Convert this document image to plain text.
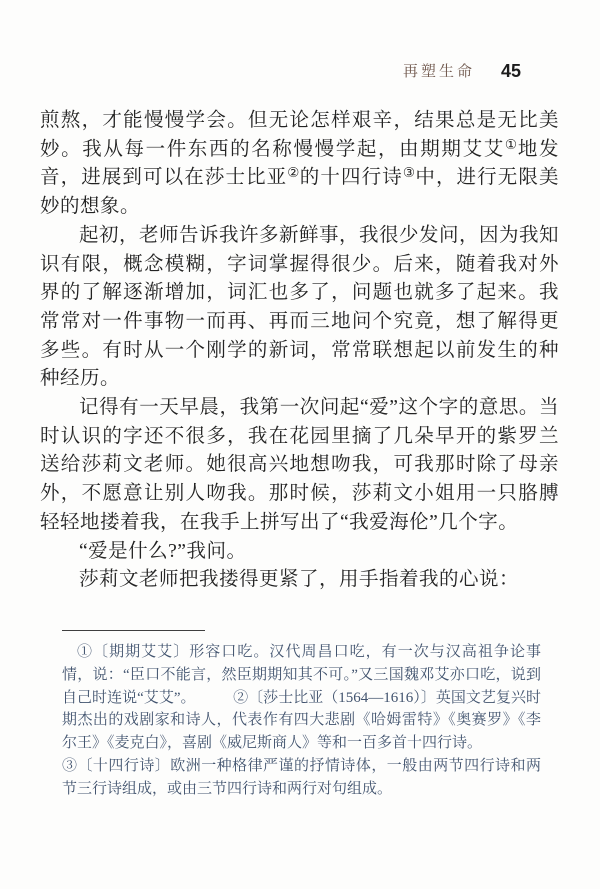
再塑生命 45

煎熬，才能慢慢学会。但无论怎样艰辛，结果总是无比美妙。我从每一件东西的名称慢慢学起，由期期艾艾①地发音，进展到可以在莎士比亚②的十四行诗③中，进行无限美妙的想象。

起初，老师告诉我许多新鲜事，我很少发问，因为我知识有限，概念模糊，字词掌握得很少。后来，随着我对外界的了解逐渐增加，词汇也多了，问题也就多了起来。我常常对一件事物一而再、再而三地问个究竟，想了解得更多些。有时从一个刚学的新词，常常联想起以前发生的种种经历。

记得有一天早晨，我第一次问起“爱”这个字的意思。当时认识的字还不很多，我在花园里摘了几朵早开的紫罗兰送给莎莉文老师。她很高兴地想吻我，可我那时除了母亲外，不愿意让别人吻我。那时候，莎莉文小姐用一只胳膊轻轻地搂着我，在我手上拼写出了“我爱海伦”几个字。

“爱是什么?”我问。

莎莉文老师把我搂得更紧了，用手指着我的心说：

①〔期期艾艾〕形容口吃。汉代周昌口吃，有一次与汉高祖争论事情，说：“臣口不能言，然臣期期知其不可。”又三国魏邓艾亦口吃，说到自己时连说“艾艾”。　　　②〔莎士比亚（1564—1616）〕英国文艺复兴时期杰出的戏剧家和诗人，代表作有四大悲剧《哈姆雷特》《奥赛罗》《李尔王》《麦克白》，喜剧《威尼斯商人》等和一百多首十四行诗。

③〔十四行诗〕欧洲一种格律严谨的抒情诗体，一般由两节四行诗和两节三行诗组成，或由三节四行诗和两行对句组成。
